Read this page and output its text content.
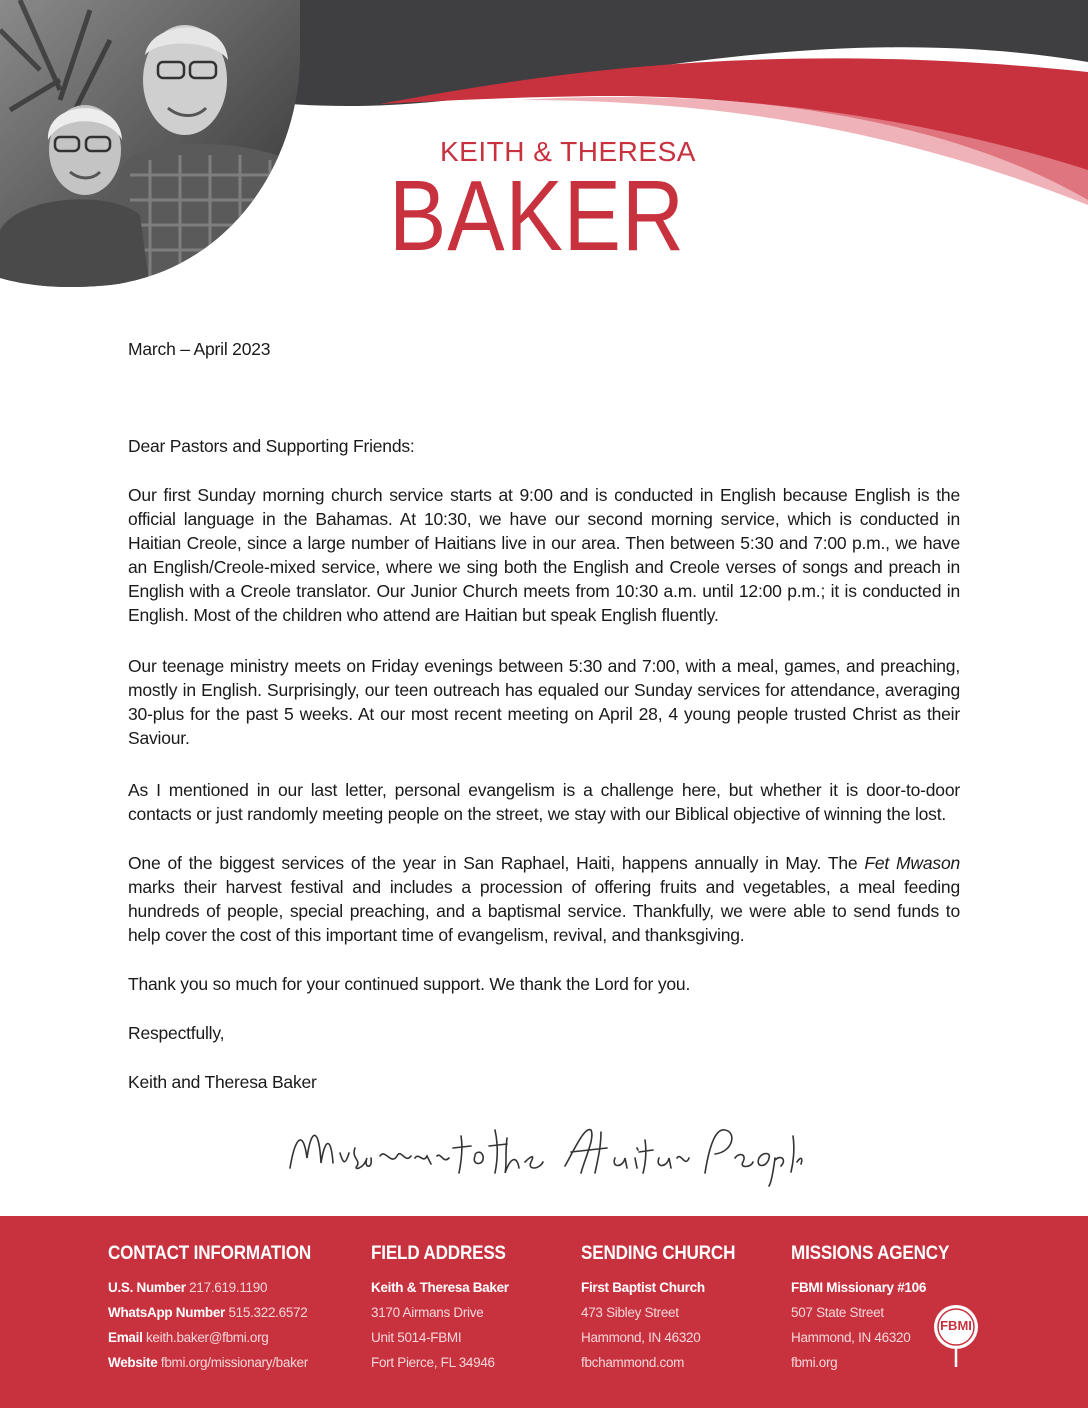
KEITH & THERESA
BAKER
March – April 2023
Dear Pastors and Supporting Friends:
Our first Sunday morning church service starts at 9:00 and is conducted in English because English is the official language in the Bahamas. At 10:30, we have our second morning service, which is conducted in Haitian Creole, since a large number of Haitians live in our area. Then between 5:30 and 7:00 p.m., we have an English/Creole-mixed service, where we sing both the English and Creole verses of songs and preach in English with a Creole translator. Our Junior Church meets from 10:30 a.m. until 12:00 p.m.; it is conducted in English. Most of the children who attend are Haitian but speak English fluently.
Our teenage ministry meets on Friday evenings between 5:30 and 7:00, with a meal, games, and preaching, mostly in English. Surprisingly, our teen outreach has equaled our Sunday services for attendance, averaging 30-plus for the past 5 weeks. At our most recent meeting on April 28, 4 young people trusted Christ as their Saviour.
As I mentioned in our last letter, personal evangelism is a challenge here, but whether it is door-to-door contacts or just randomly meeting people on the street, we stay with our Biblical objective of winning the lost.
One of the biggest services of the year in San Raphael, Haiti, happens annually in May. The Fet Mwason marks their harvest festival and includes a procession of offering fruits and vegetables, a meal feeding hundreds of people, special preaching, and a baptismal service. Thankfully, we were able to send funds to help cover the cost of this important time of evangelism, revival, and thanksgiving.
Thank you so much for your continued support. We thank the Lord for you.
Respectfully,
Keith and Theresa Baker
CONTACT INFORMATION
U.S. Number 217.619.1190
WhatsApp Number 515.322.6572
Email keith.baker@fbmi.org
Website fbmi.org/missionary/baker
FIELD ADDRESS
Keith & Theresa Baker
3170 Airmans Drive
Unit 5014-FBMI
Fort Pierce, FL 34946
SENDING CHURCH
First Baptist Church
473 Sibley Street
Hammond, IN 46320
fbchammond.com
MISSIONS AGENCY
FBMI Missionary #106
507 State Street
Hammond, IN 46320
fbmi.org
FBMI
